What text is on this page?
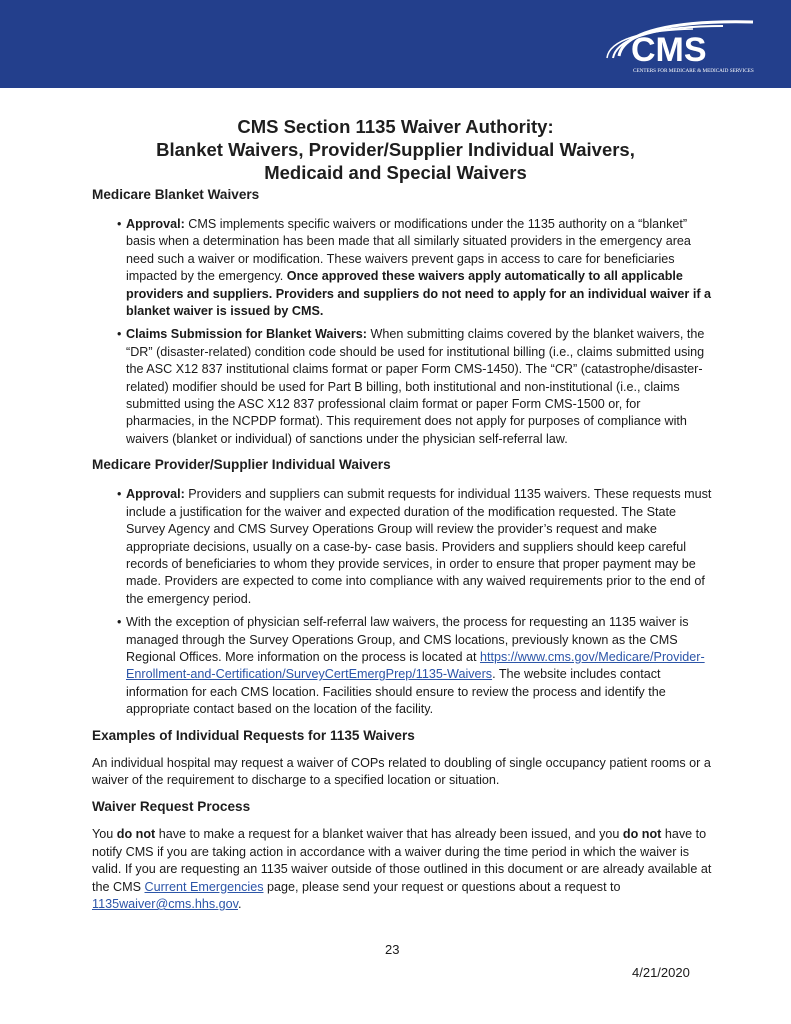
CMS
CENTERS FOR MEDICARE & MEDICAID SERVICES
CMS Section 1135 Waiver Authority:
Blanket Waivers, Provider/Supplier Individual Waivers,
Medicaid and Special Waivers
Medicare Blanket Waivers
• Approval: CMS implements specific waivers or modifications under the 1135 authority on a “blanket” basis when a determination has been made that all similarly situated providers in the emergency area need such a waiver or modification. These waivers prevent gaps in access to care for beneficiaries impacted by the emergency. Once approved these waivers apply automatically to all applicable providers and suppliers. Providers and suppliers do not need to apply for an individual waiver if a blanket waiver is issued by CMS.
• Claims Submission for Blanket Waivers: When submitting claims covered by the blanket waivers, the “DR” (disaster-related) condition code should be used for institutional billing (i.e., claims submitted using the ASC X12 837 institutional claims format or paper Form CMS-1450). The “CR” (catastrophe/disaster-related) modifier should be used for Part B billing, both institutional and non-institutional (i.e., claims submitted using the ASC X12 837 professional claim format or paper Form CMS-1500 or, for pharmacies, in the NCPDP format). This requirement does not apply for purposes of compliance with waivers (blanket or individual) of sanctions under the physician self-referral law.
Medicare Provider/Supplier Individual Waivers
• Approval: Providers and suppliers can submit requests for individual 1135 waivers. These requests must include a justification for the waiver and expected duration of the modification requested. The State Survey Agency and CMS Survey Operations Group will review the provider’s request and make appropriate decisions, usually on a case-by- case basis. Providers and suppliers should keep careful records of beneficiaries to whom they provide services, in order to ensure that proper payment may be made. Providers are expected to come into compliance with any waived requirements prior to the end of the emergency period.
• With the exception of physician self-referral law waivers, the process for requesting an 1135 waiver is managed through the Survey Operations Group, and CMS locations, previously known as the CMS Regional Offices. More information on the process is located at https://www.cms.gov/Medicare/Provider-Enrollment-and-Certification/SurveyCertEmergPrep/1135-Waivers. The website includes contact information for each CMS location. Facilities should ensure to review the process and identify the appropriate contact based on the location of the facility.
Examples of Individual Requests for 1135 Waivers

An individual hospital may request a waiver of COPs related to doubling of single occupancy patient rooms or a waiver of the requirement to discharge to a specified location or situation.

Waiver Request Process

You do not have to make a request for a blanket waiver that has already been issued, and you do not have to notify CMS if you are taking action in accordance with a waiver during the time period in which the waiver is valid. If you are requesting an 1135 waiver outside of those outlined in this document or are already available at the CMS Current Emergencies page, please send your request or questions about a request to 1135waiver@cms.hhs.gov.

23
4/21/2020
